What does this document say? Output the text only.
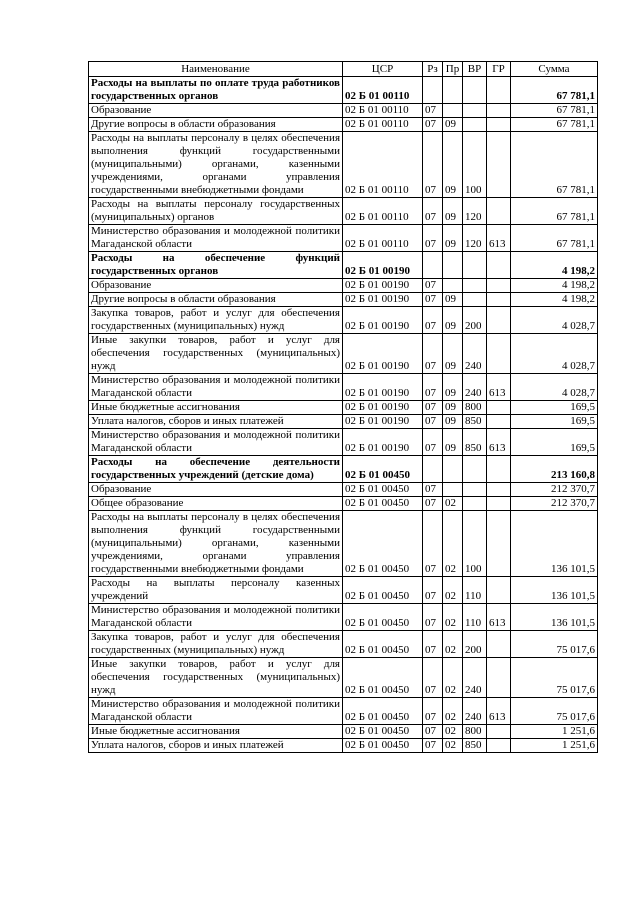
Наименование	ЦСР	Рз	Пр	ВР	ГР	Сумма
Расходы на выплаты по оплате труда работников государственных органов	02 Б 01 00110					67 781,1
Образование	02 Б 01 00110	07				67 781,1
Другие вопросы в области образования	02 Б 01 00110	07	09			67 781,1
Расходы на выплаты персоналу в целях обеспечения выполнения функций государственными (муниципальными) органами, казенными учреждениями, органами управления государственными внебюджетными фондами	02 Б 01 00110	07	09	100		67 781,1
Расходы на выплаты персоналу государственных (муниципальных) органов	02 Б 01 00110	07	09	120		67 781,1
Министерство образования и молодежной политики Магаданской области	02 Б 01 00110	07	09	120	613	67 781,1
Расходы на обеспечение функций государственных органов	02 Б 01 00190					4 198,2
Образование	02 Б 01 00190	07				4 198,2
Другие вопросы в области образования	02 Б 01 00190	07	09			4 198,2
Закупка товаров, работ и услуг для обеспечения государственных (муниципальных) нужд	02 Б 01 00190	07	09	200		4 028,7
Иные закупки товаров, работ и услуг для обеспечения государственных (муниципальных) нужд	02 Б 01 00190	07	09	240		4 028,7
Министерство образования и молодежной политики Магаданской области	02 Б 01 00190	07	09	240	613	4 028,7
Иные бюджетные ассигнования	02 Б 01 00190	07	09	800		169,5
Уплата налогов, сборов и иных платежей	02 Б 01 00190	07	09	850		169,5
Министерство образования и молодежной политики Магаданской области	02 Б 01 00190	07	09	850	613	169,5
Расходы на обеспечение деятельности государственных учреждений (детские дома)	02 Б 01 00450					213 160,8
Образование	02 Б 01 00450	07				212 370,7
Общее образование	02 Б 01 00450	07	02			212 370,7
Расходы на выплаты персоналу в целях обеспечения выполнения функций государственными (муниципальными) органами, казенными учреждениями, органами управления государственными внебюджетными фондами	02 Б 01 00450	07	02	100		136 101,5
Расходы на выплаты персоналу казенных учреждений	02 Б 01 00450	07	02	110		136 101,5
Министерство образования и молодежной политики Магаданской области	02 Б 01 00450	07	02	110	613	136 101,5
Закупка товаров, работ и услуг для обеспечения государственных (муниципальных) нужд	02 Б 01 00450	07	02	200		75 017,6
Иные закупки товаров, работ и услуг для обеспечения государственных (муниципальных) нужд	02 Б 01 00450	07	02	240		75 017,6
Министерство образования и молодежной политики Магаданской области	02 Б 01 00450	07	02	240	613	75 017,6
Иные бюджетные ассигнования	02 Б 01 00450	07	02	800		1 251,6
Уплата налогов, сборов и иных платежей	02 Б 01 00450	07	02	850		1 251,6
